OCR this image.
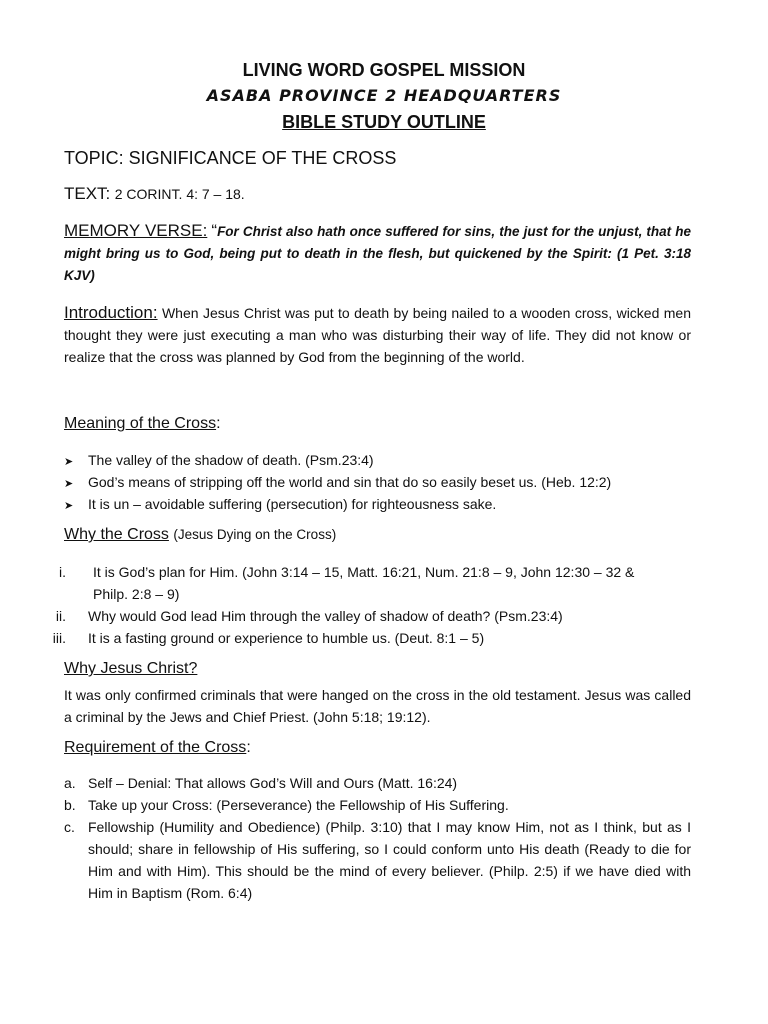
LIVING WORD GOSPEL MISSION
ASABA PROVINCE 2 HEADQUARTERS
BIBLE STUDY OUTLINE
TOPIC: SIGNIFICANCE OF THE CROSS
TEXT: 2 CORINT. 4: 7 – 18.
MEMORY VERSE: “For Christ also hath once suffered for sins, the just for the unjust, that he might bring us to God, being put to death in the flesh, but quickened by the Spirit: (1 Pet. 3:18 KJV)
Introduction: When Jesus Christ was put to death by being nailed to a wooden cross, wicked men thought they were just executing a man who was disturbing their way of life. They did not know or realize that the cross was planned by God from the beginning of the world.
Meaning of the Cross:
➤ The valley of the shadow of death. (Psm.23:4)
➤ God’s means of stripping off the world and sin that do so easily beset us. (Heb. 12:2)
➤ It is un – avoidable suffering (persecution) for righteousness sake.
Why the Cross (Jesus Dying on the Cross)
i. It is God’s plan for Him. (John 3:14 – 15, Matt. 16:21, Num. 21:8 – 9, John 12:30 – 32 &
Philp. 2:8 – 9)
ii. Why would God lead Him through the valley of shadow of death? (Psm.23:4)
iii. It is a fasting ground or experience to humble us. (Deut. 8:1 – 5)
Why Jesus Christ?
It was only confirmed criminals that were hanged on the cross in the old testament. Jesus was called a criminal by the Jews and Chief Priest. (John 5:18; 19:12).
Requirement of the Cross:
a. Self – Denial: That allows God’s Will and Ours (Matt. 16:24)
b. Take up your Cross: (Perseverance) the Fellowship of His Suffering.
c. Fellowship (Humility and Obedience) (Philp. 3:10) that I may know Him, not as I think, but as I should; share in fellowship of His suffering, so I could conform unto His death (Ready to die for Him and with Him). This should be the mind of every believer. (Philp. 2:5) if we have died with Him in Baptism (Rom. 6:4)
